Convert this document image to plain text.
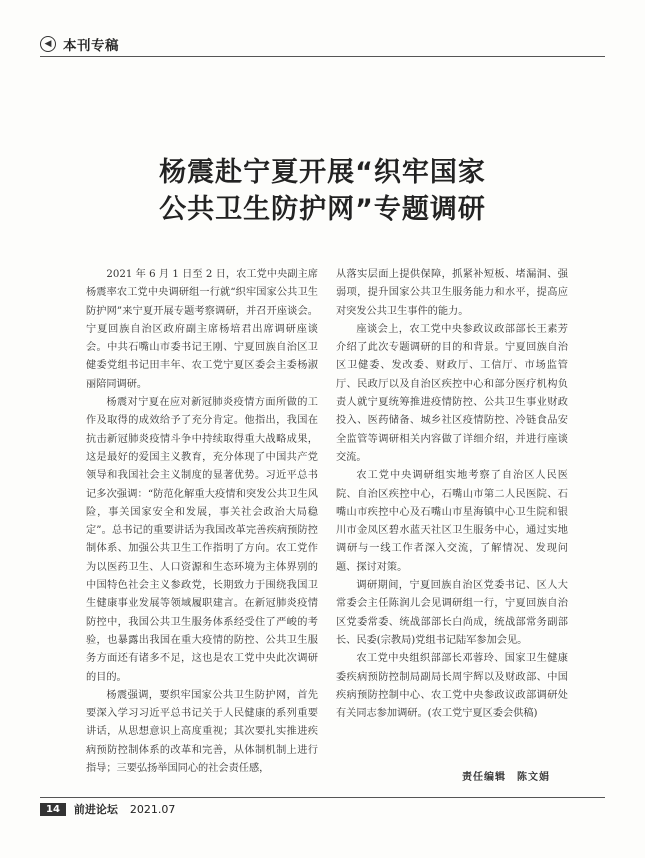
◀ 本刊专稿
杨震赴宁夏开展“织牢国家
公共卫生防护网”专题调研

2021 年 6 月 1 日至 2 日，农工党中央副主席杨震率农工党中央调研组一行就“织牢国家公共卫生防护网”来宁夏开展专题考察调研，并召开座谈会。宁夏回族自治区政府副主席杨培君出席调研座谈会。中共石嘴山市委书记王刚、宁夏回族自治区卫健委党组书记田丰年、农工党宁夏区委会主委杨淑丽陪同调研。

杨震对宁夏在应对新冠肺炎疫情方面所做的工作及取得的成效给予了充分肯定。他指出，我国在抗击新冠肺炎疫情斗争中持续取得重大战略成果，这是最好的爱国主义教育，充分体现了中国共产党领导和我国社会主义制度的显著优势。习近平总书记多次强调：“防范化解重大疫情和突发公共卫生风险，事关国家安全和发展，事关社会政治大局稳定”。总书记的重要讲话为我国改革完善疾病预防控制体系、加强公共卫生工作指明了方向。农工党作为以医药卫生、人口资源和生态环境为主体界别的中国特色社会主义参政党，长期致力于围绕我国卫生健康事业发展等领域履职建言。在新冠肺炎疫情防控中，我国公共卫生服务体系经受住了严峻的考验，也暴露出我国在重大疫情的防控、公共卫生服务方面还有诸多不足，这也是农工党中央此次调研的目的。

杨震强调，要织牢国家公共卫生防护网，首先要深入学习习近平总书记关于人民健康的系列重要讲话，从思想意识上高度重视；其次要扎实推进疾病预防控制体系的改革和完善，从体制机制上进行指导；三要弘扬举国同心的社会责任感，

从落实层面上提供保障，抓紧补短板、堵漏洞、强弱项，提升国家公共卫生服务能力和水平，提高应对突发公共卫生事件的能力。

座谈会上，农工党中央参政议政部部长王素芳介绍了此次专题调研的目的和背景。宁夏回族自治区卫健委、发改委、财政厅、工信厅、市场监管厅、民政厅以及自治区疾控中心和部分医疗机构负责人就宁夏统筹推进疫情防控、公共卫生事业财政投入、医药储备、城乡社区疫情防控、冷链食品安全监管等调研相关内容做了详细介绍，并进行座谈交流。

农工党中央调研组实地考察了自治区人民医院、自治区疾控中心，石嘴山市第二人民医院、石嘴山市疾控中心及石嘴山市星海镇中心卫生院和银川市金凤区碧水蓝天社区卫生服务中心，通过实地调研与一线工作者深入交流，了解情况、发现问题、探讨对策。

调研期间，宁夏回族自治区党委书记、区人大常委会主任陈润儿会见调研组一行，宁夏回族自治区党委常委、统战部部长白尚成，统战部常务副部长、民委(宗教局)党组书记陆军参加会见。

农工党中央组织部部长邓蓉玲、国家卫生健康委疾病预防控制局副局长周宇辉以及财政部、中国疾病预防控制中心、农工党中央参政议政部调研处有关同志参加调研。(农工党宁夏区委会供稿)

责任编辑　陈文娟
14	前进论坛 2021.07
